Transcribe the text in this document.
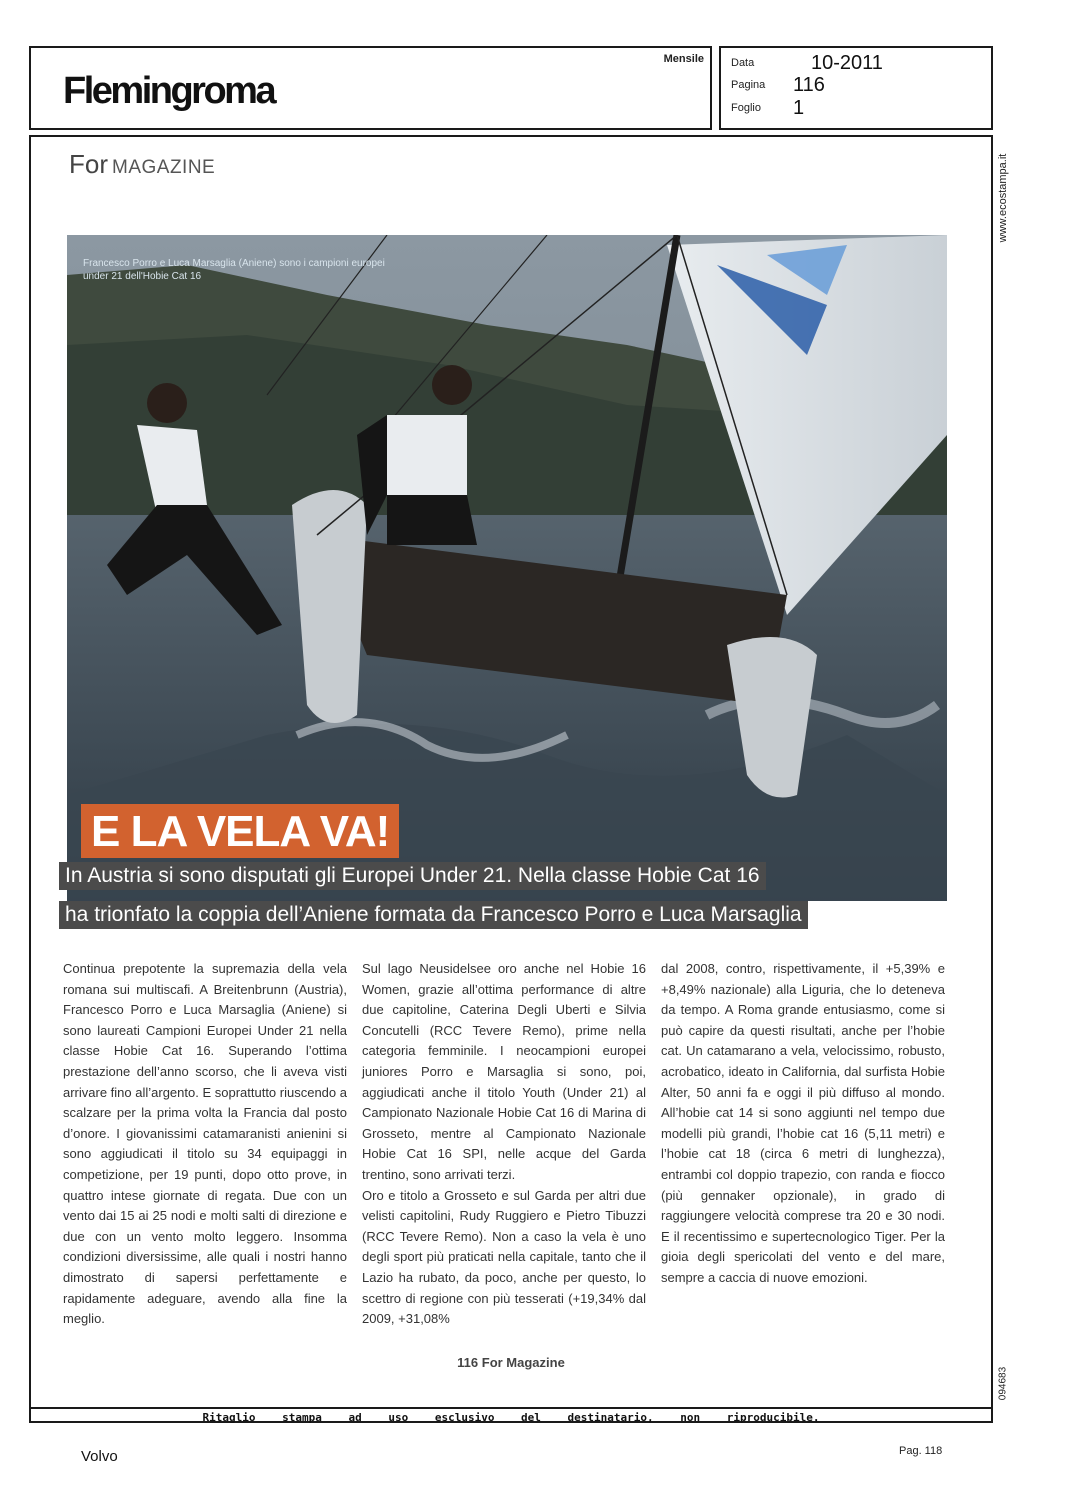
Flemingroma
Mensile Data	10-2011
Pagina 116
Foglio 1
www.ecostampa.it
094683
For MAGAZINE
Francesco Porro e Luca Marsaglia (Aniene) sono i campioni europei under 21 dell'Hobie Cat 16
E LA VELA VA!
In Austria si sono disputati gli Europei Under 21. Nella classe Hobie Cat 16
ha trionfato la coppia dell’Aniene formata da Francesco Porro e Luca Marsaglia

Continua prepotente la supremazia della vela romana sui multiscafi. A Breitenbrunn (Austria), Francesco Porro e Luca Marsaglia (Aniene) si sono laureati Campioni Europei Under 21 nella classe Hobie Cat 16. Superando l’ottima prestazione dell’anno scorso, che li aveva visti arrivare fino all’argento. E soprattutto riuscendo a scalzare per la prima volta la Francia dal posto d’onore. I giovanissimi catamaranisti anienini si sono aggiudicati il titolo su 34 equipaggi in competizione, per 19 punti, dopo otto prove, in quattro intese giornate di regata. Due con un vento dai 15 ai 25 nodi e molti salti di direzione e due con un vento molto leggero. Insomma condizioni diversissime, alle quali i nostri hanno dimostrato di sapersi perfettamente e rapidamente adeguare, avendo alla fine la meglio.

Sul lago Neusidelsee oro anche nel Hobie 16 Women, grazie all’ottima performance di altre due capitoline, Caterina Degli Uberti e Silvia Concutelli (RCC Tevere Remo), prime nella categoria femminile. I neocampioni europei juniores Porro e Marsaglia si sono, poi, aggiudicati anche il titolo Youth (Under 21) al Campionato Nazionale Hobie Cat 16 di Marina di Grosseto, mentre al Campionato Nazionale Hobie Cat 16 SPI, nelle acque del Garda trentino, sono arrivati terzi.

Oro e titolo a Grosseto e sul Garda per altri due velisti capitolini, Rudy Ruggiero e Pietro Tibuzzi (RCC Tevere Remo). Non a caso la vela è uno degli sport più praticati nella capitale, tanto che il Lazio ha rubato, da poco, anche per questo, lo scettro di regione con più tesserati (+19,34% dal 2009, +31,08%

dal 2008, contro, rispettivamente, il +5,39% e +8,49% nazionale) alla Liguria, che lo deteneva da tempo. A Roma grande entusiasmo, come si può capire da questi risultati, anche per l’hobie cat. Un catamarano a vela, velocissimo, robusto, acrobatico, ideato in California, dal surfista Hobie Alter, 50 anni fa e oggi il più diffuso al mondo. All’hobie cat 14 si sono aggiunti nel tempo due modelli più grandi, l’hobie cat 16 (5,11 metri) e l’hobie cat 18 (circa 6 metri di lunghezza), entrambi col doppio trapezio, con randa e fiocco (più gennaker opzionale), in grado di raggiungere velocità comprese tra 20 e 30 nodi. E il recentissimo e supertecnologico Tiger. Per la gioia degli spericolati del vento e del mare, sempre a caccia di nuove emozioni.

116 For Magazine
Ritaglio stampa ad uso esclusivo del destinatario, non riproducibile.
Volvo	Pag. 118
